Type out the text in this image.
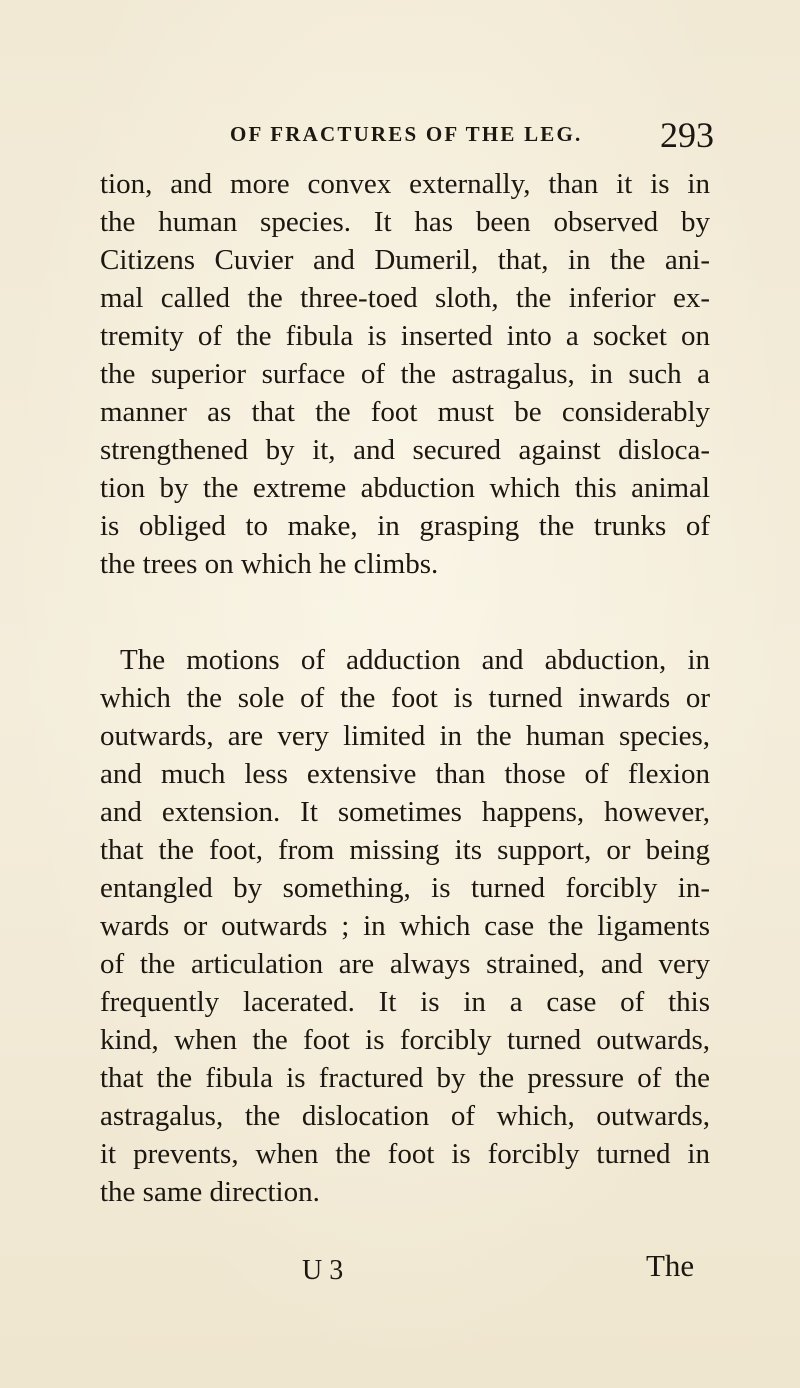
OF FRACTURES OF THE LEG. 293
tion, and more convex externally, than it is in
the human species. It has been observed by
Citizens Cuvier and Dumeril, that, in the ani-
mal called the three-toed sloth, the inferior ex-
tremity of the fibula is inserted into a socket on
the superior surface of the astragalus, in such a
manner as that the foot must be considerably
strengthened by it, and secured against disloca-
tion by the extreme abduction which this animal
is obliged to make, in grasping the trunks of
the trees on which he climbs.
The motions of adduction and abduction, in
which the sole of the foot is turned inwards or
outwards, are very limited in the human species,
and much less extensive than those of flexion
and extension. It sometimes happens, however,
that the foot, from missing its support, or being
entangled by something, is turned forcibly in-
wards or outwards ; in which case the ligaments
of the articulation are always strained, and very
frequently lacerated. It is in a case of this
kind, when the foot is forcibly turned outwards,
that the fibula is fractured by the pressure of the
astragalus, the dislocation of which, outwards,
it prevents, when the foot is forcibly turned in
the same direction.
U 3	The
